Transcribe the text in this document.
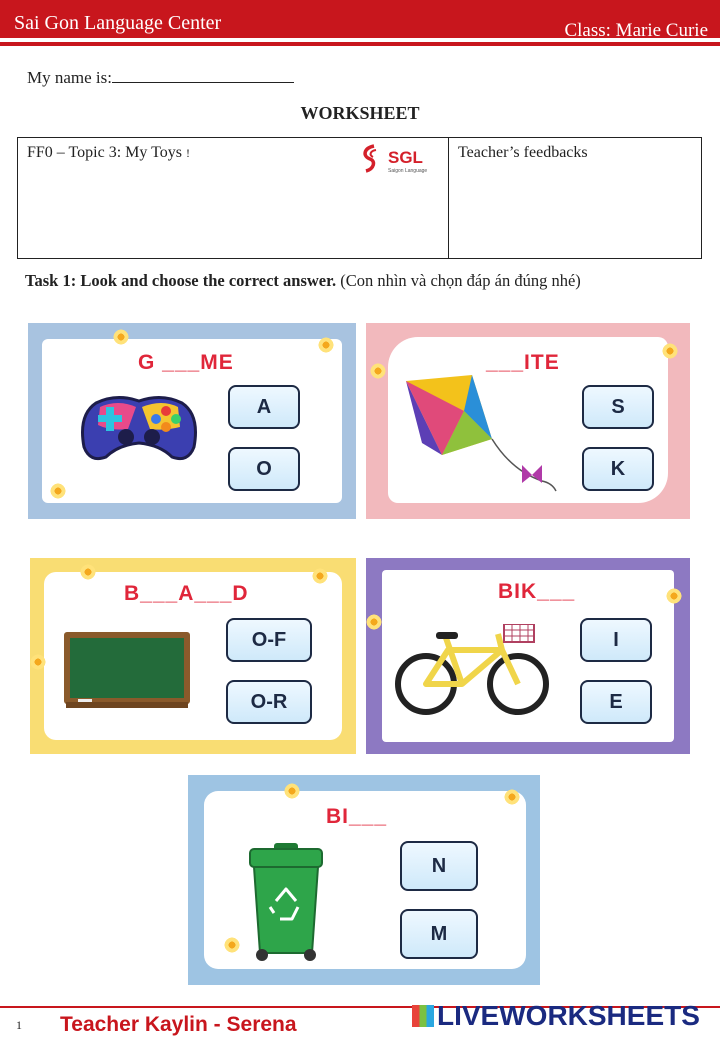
Sai Gon Language Center	Class: Marie Curie
My name is:
WORKSHEET
FF0 – Topic 3: My Toys !	SGL
Saigon Language
Teacher’s feedbacks
Task 1: Look and choose the correct answer. (Con nhìn và chọn đáp án đúng nhé)
G ___ME
A
O
___ITE
S
K
B___A___D
O-F
O-R
BIK___
I
E
BI___
N
M
1 Teacher Kaylin - Serena	LIVEWORKSHEETS
